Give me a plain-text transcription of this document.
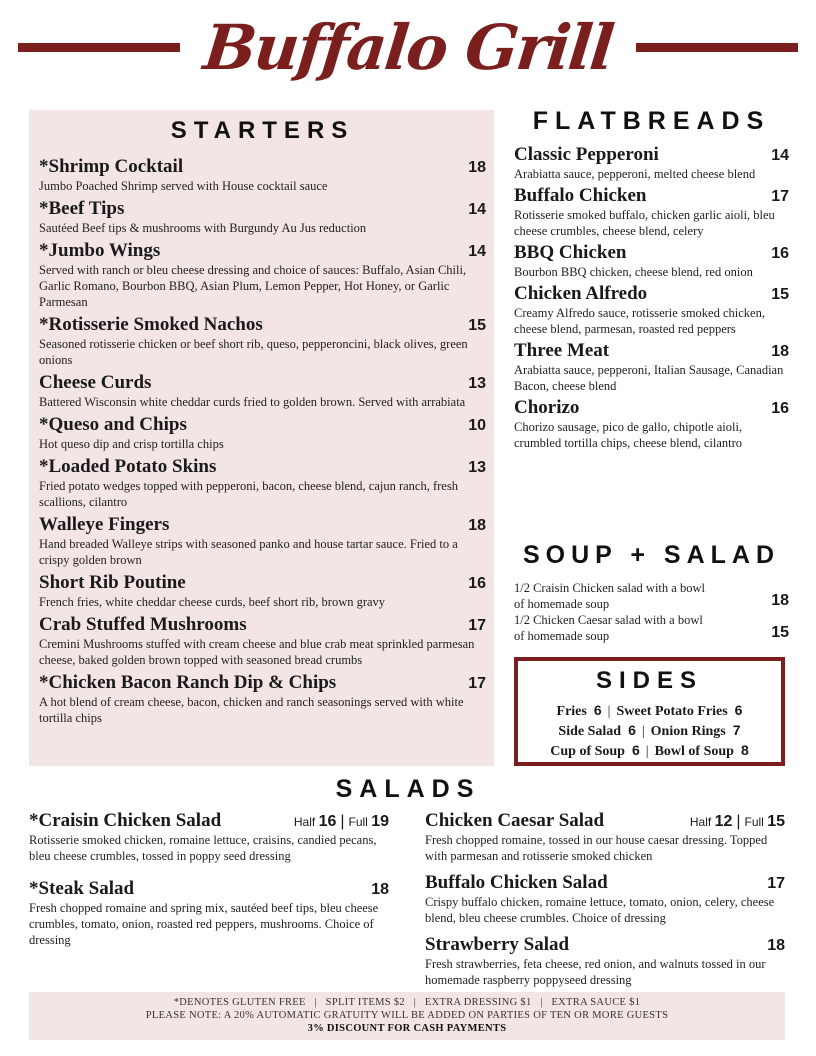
Buffalo Grill
STARTERS
*Shrimp Cocktail	18
Jumbo Poached Shrimp served with House cocktail sauce
*Beef Tips	14
Sautéed Beef tips & mushrooms with Burgundy Au Jus reduction
*Jumbo Wings	14
Served with ranch or bleu cheese dressing and choice of sauces: Buffalo, Asian Chili, Garlic Romano, Bourbon BBQ, Asian Plum, Lemon Pepper, Hot Honey, or Garlic Parmesan
*Rotisserie Smoked Nachos	15
Seasoned rotisserie chicken or beef short rib, queso, pepperoncini, black olives, green onions
Cheese Curds	13
Battered Wisconsin white cheddar curds fried to golden brown. Served with arrabiata
*Queso and Chips	10
Hot queso dip and crisp tortilla chips
*Loaded Potato Skins	13
Fried potato wedges topped with pepperoni, bacon, cheese blend, cajun ranch, fresh scallions, cilantro
Walleye Fingers	18
Hand breaded Walleye strips with seasoned panko and house tartar sauce. Fried to a crispy golden brown
Short Rib Poutine	16
French fries, white cheddar cheese curds, beef short rib, brown gravy
Crab Stuffed Mushrooms	17
Cremini Mushrooms stuffed with cream cheese and blue crab meat sprinkled parmesan cheese, baked golden brown topped with seasoned bread crumbs
*Chicken Bacon Ranch Dip & Chips	17
A hot blend of cream cheese, bacon, chicken and ranch seasonings served with white tortilla chips
FLATBREADS
Classic Pepperoni	14
Arabiatta sauce, pepperoni, melted cheese blend
Buffalo Chicken	17
Rotisserie smoked buffalo, chicken garlic aioli, bleu cheese crumbles, cheese blend, celery
BBQ Chicken	16
Bourbon BBQ chicken, cheese blend, red onion
Chicken Alfredo	15
Creamy Alfredo sauce, rotisserie smoked chicken, cheese blend, parmesan, roasted red peppers
Three Meat	18
Arabiatta sauce, pepperoni, Italian Sausage, Canadian Bacon, cheese blend
Chorizo	16
Chorizo sausage, pico de gallo, chipotle aioli, crumbled tortilla chips, cheese blend, cilantro
SOUP + SALAD
1/2 Craisin Chicken salad with a bowl of homemade soup	18
1/2 Chicken Caesar salad with a bowl of homemade soup	15
SIDES
Fries 6 | Sweet Potato Fries 6
Side Salad 6 | Onion Rings 7
Cup of Soup 6 | Bowl of Soup 8
SALADS
*Craisin Chicken Salad	Half 16 | Full 19
Rotisserie smoked chicken, romaine lettuce, craisins, candied pecans, bleu cheese crumbles, tossed in poppy seed dressing
*Steak Salad	18
Fresh chopped romaine and spring mix, sautéed beef tips, bleu cheese crumbles, tomato, onion, roasted red peppers, mushrooms. Choice of dressing
Chicken Caesar Salad	Half 12 | Full 15
Fresh chopped romaine, tossed in our house caesar dressing. Topped with parmesan and rotisserie smoked chicken
Buffalo Chicken Salad	17
Crispy buffalo chicken, romaine lettuce, tomato, onion, celery, cheese blend, bleu cheese crumbles. Choice of dressing
Strawberry Salad	18
Fresh strawberries, feta cheese, red onion, and walnuts tossed in our homemade raspberry poppyseed dressing
*DENOTES GLUTEN FREE   |   SPLIT ITEMS $2   |   EXTRA DRESSING $1   |   EXTRA SAUCE $1
PLEASE NOTE: A 20% AUTOMATIC GRATUITY WILL BE ADDED ON PARTIES OF TEN OR MORE GUESTS
3% DISCOUNT FOR CASH PAYMENTS
